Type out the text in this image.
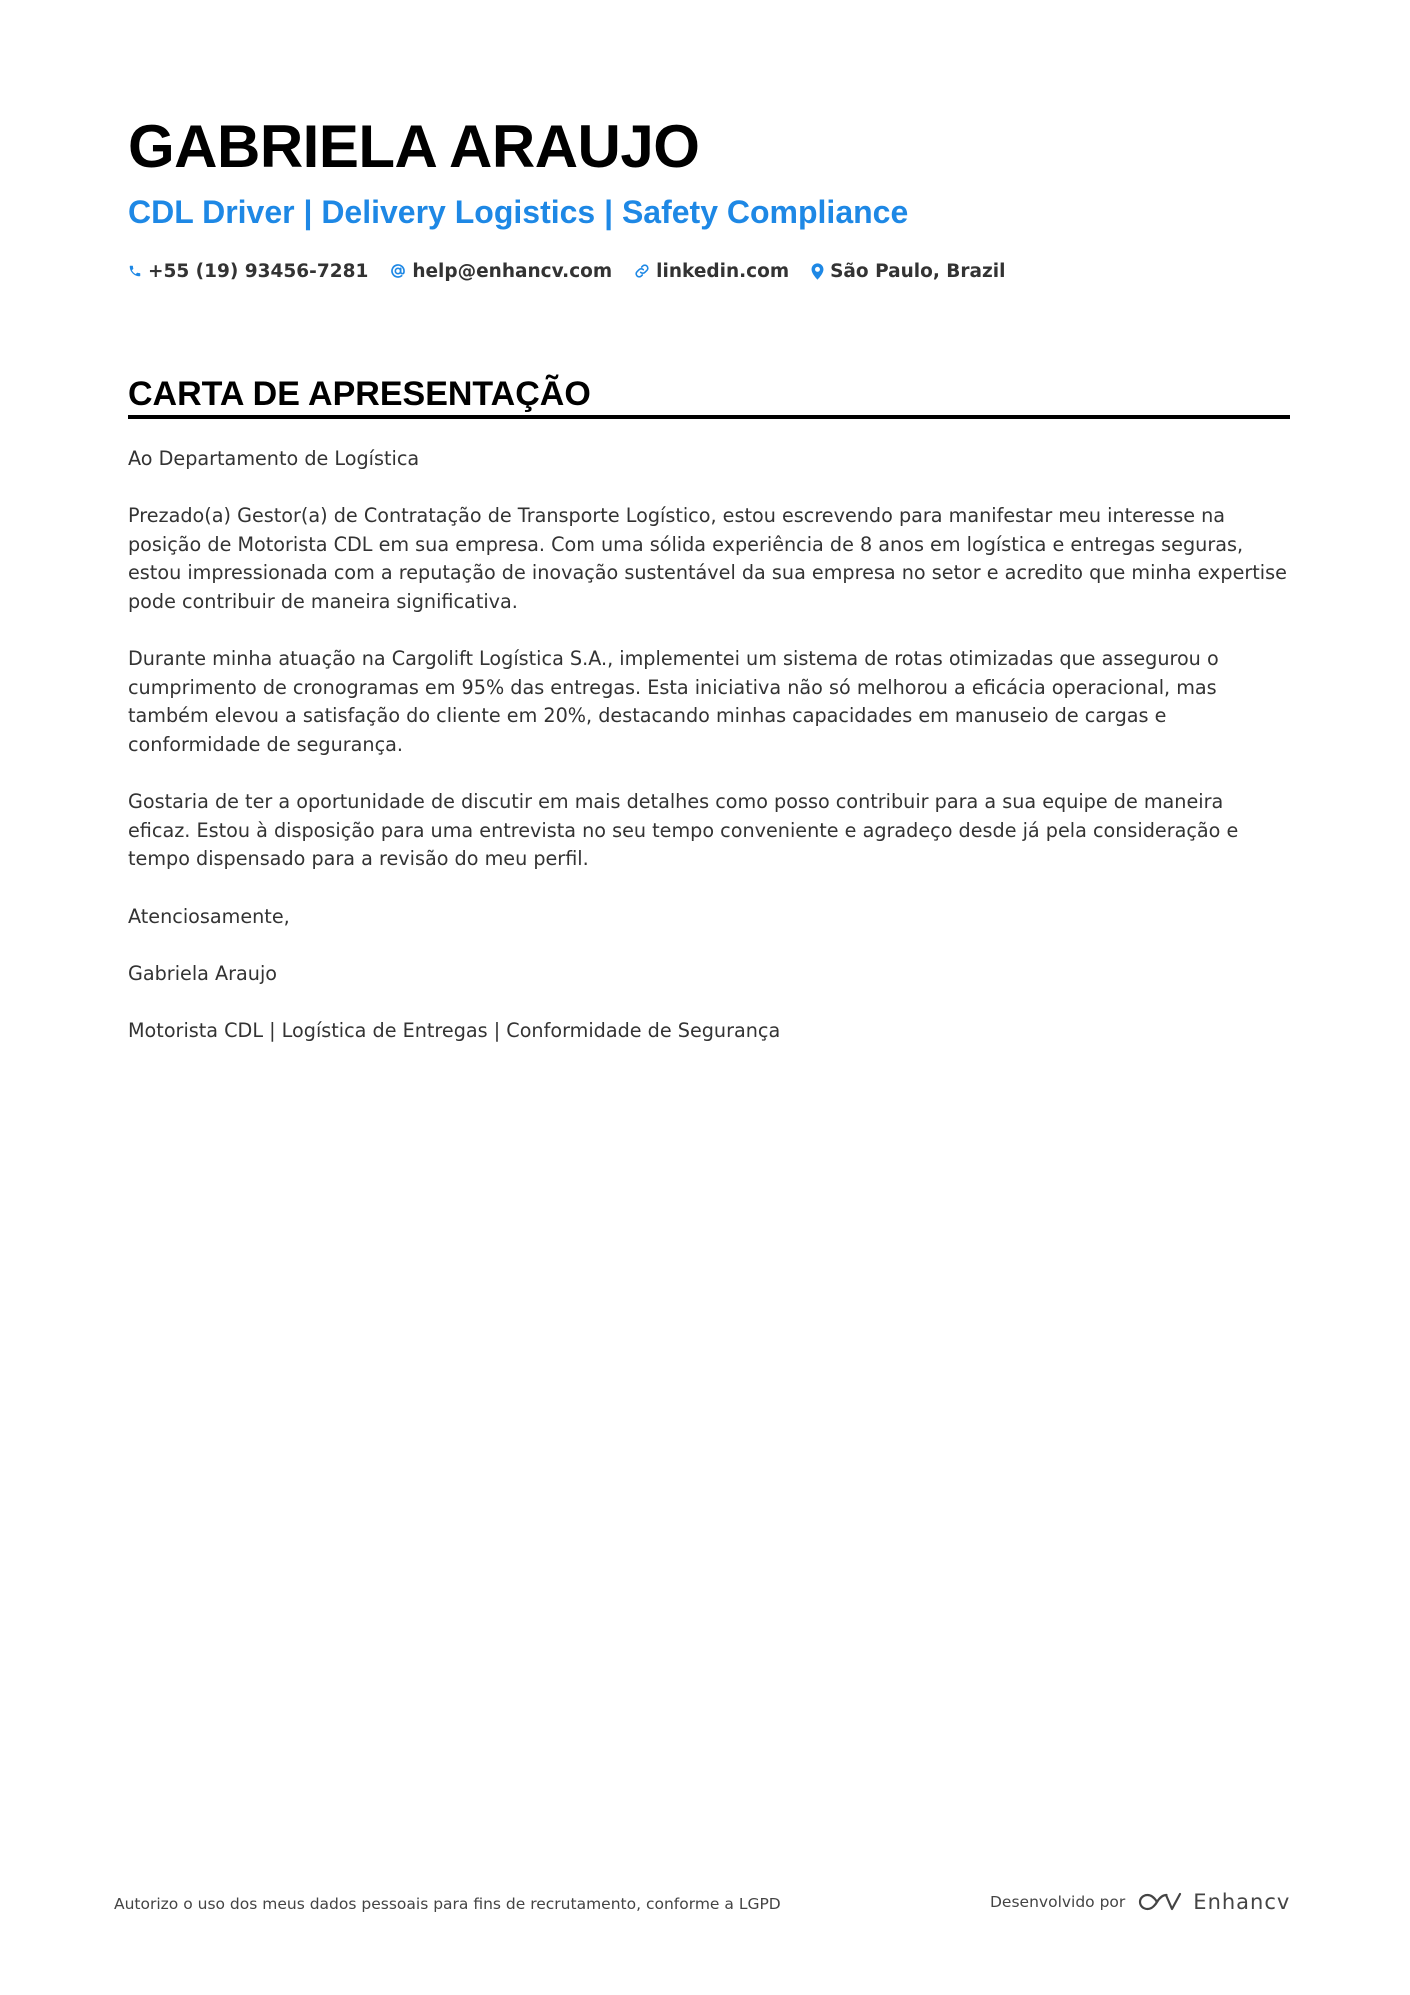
GABRIELA ARAUJO
CDL Driver | Delivery Logistics | Safety Compliance
+55 (19) 93456-7281 help@enhancv.com linkedin.com São Paulo, Brazil
CARTA DE APRESENTAÇÃO

Ao Departamento de Logística

Prezado(a) Gestor(a) de Contratação de Transporte Logístico, estou escrevendo para manifestar meu interesse na posição de Motorista CDL em sua empresa. Com uma sólida experiência de 8 anos em logística e entregas seguras, estou impressionada com a reputação de inovação sustentável da sua empresa no setor e acredito que minha expertise pode contribuir de maneira significativa.

Durante minha atuação na Cargolift Logística S.A., implementei um sistema de rotas otimizadas que assegurou o cumprimento de cronogramas em 95% das entregas. Esta iniciativa não só melhorou a eficácia operacional, mas também elevou a satisfação do cliente em 20%, destacando minhas capacidades em manuseio de cargas e conformidade de segurança.

Gostaria de ter a oportunidade de discutir em mais detalhes como posso contribuir para a sua equipe de maneira eficaz. Estou à disposição para uma entrevista no seu tempo conveniente e agradeço desde já pela consideração e tempo dispensado para a revisão do meu perfil.

Atenciosamente,

Gabriela Araujo

Motorista CDL | Logística de Entregas | Conformidade de Segurança

Autorizo o uso dos meus dados pessoais para fins de recrutamento, conforme a LGPD	Desenvolvido por	Enhancv
